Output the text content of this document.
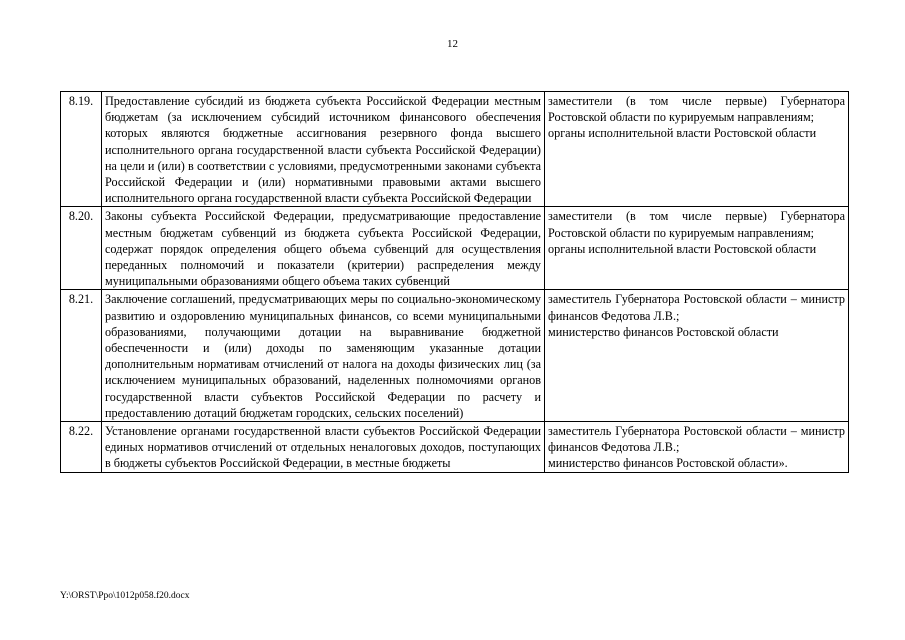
12
8.19.	Предоставление субсидий из бюджета субъекта Российской Федерации местным бюджетам (за исключением субсидий источником финансового обеспечения которых являются бюджетные ассигнования резервного фонда высшего исполнительного органа государственной власти субъекта Российской Федерации) на цели и (или) в соответствии с условиями, предусмотренными законами субъекта Российской Федерации и (или) нормативными правовыми актами высшего исполнительного органа государственной власти субъекта Российской Федерации	заместители (в том числе первые) Губернатора Ростовской области по курируемым направлениям;
органы исполнительной власти Ростовской области

8.20.	Законы субъекта Российской Федерации, предусматривающие предоставление местным бюджетам субвенций из бюджета субъекта Российской Федерации, содержат порядок определения общего объема субвенций для осуществления переданных полномочий и показатели (критерии) распределения между муниципальными образованиями общего объема таких субвенций	заместители (в том числе первые) Губернатора Ростовской области по курируемым направлениям;
органы исполнительной власти Ростовской области

8.21.	Заключение соглашений, предусматривающих меры по социально-экономическому развитию и оздоровлению муниципальных финансов, со всеми муниципальными образованиями, получающими дотации на выравнивание бюджетной обеспеченности и (или) доходы по заменяющим указанные дотации дополнительным нормативам отчислений от налога на доходы физических лиц (за исключением муниципальных образований, наделенных полномочиями органов государственной власти субъектов Российской Федерации по расчету и предоставлению дотаций бюджетам городских, сельских поселений)	заместитель Губернатора Ростовской области – министр финансов Федотова Л.В.;
министерство финансов Ростовской области

8.22.	Установление органами государственной власти субъектов Российской Федерации единых нормативов отчислений от отдельных неналоговых доходов, поступающих в бюджеты субъектов Российской Федерации, в местные бюджеты	заместитель Губернатора Ростовской области – министр финансов Федотова Л.В.;
министерство финансов Ростовской области».
Y:\ORST\Ppo\1012p058.f20.docx
